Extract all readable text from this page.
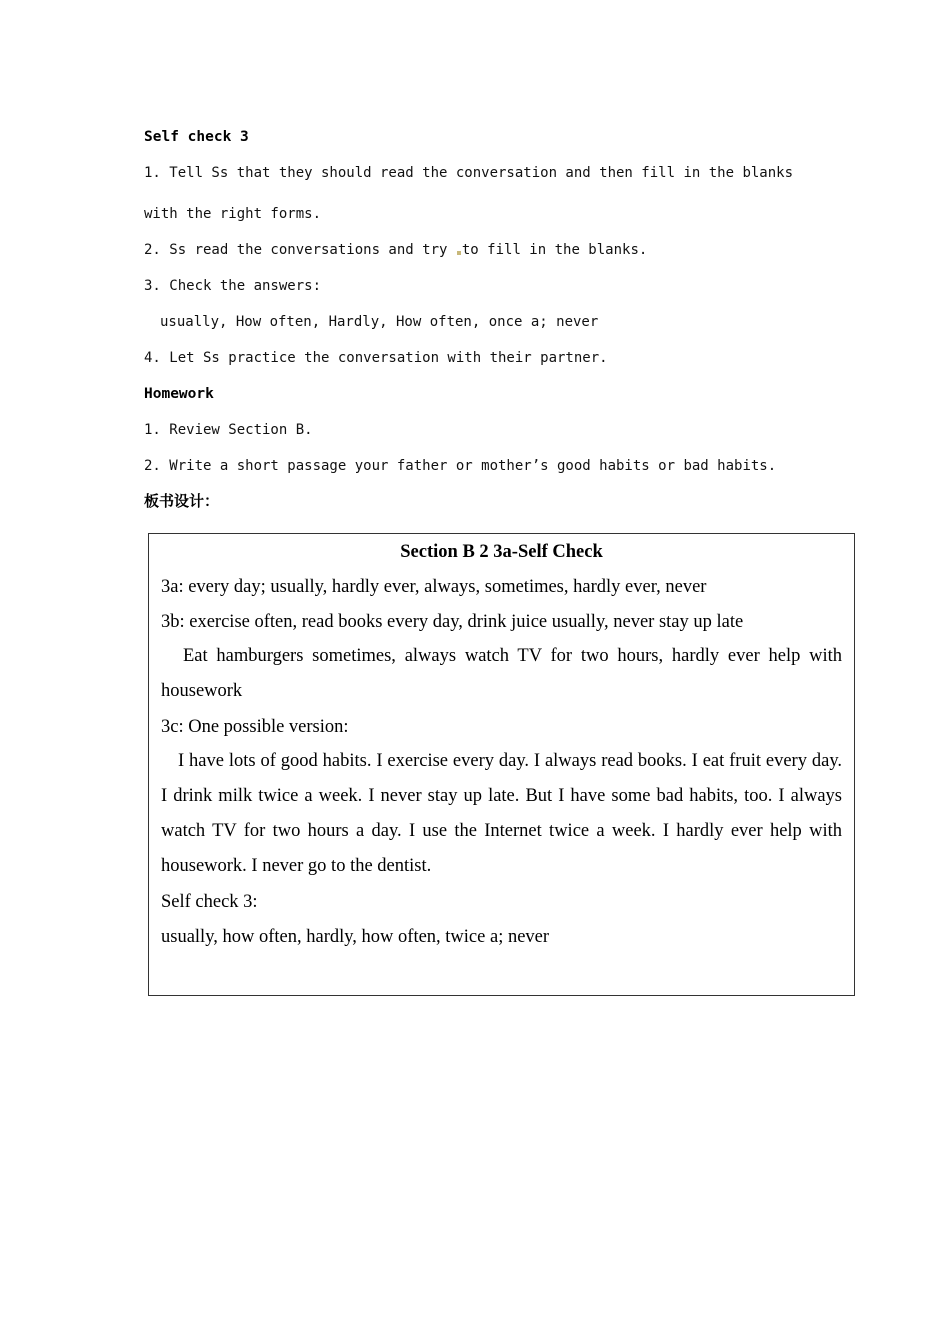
Self check 3

1. Tell Ss that they should read the conversation and then fill in the blanks

with the right forms.

2. Ss read the conversations and try to fill in the blanks.

3. Check the answers:

usually, How often, Hardly, How often, once a; never

4. Let Ss practice the conversation with their partner.

Homework

1. Review Section B.

2. Write a short passage your father or mother’s good habits or bad habits.

板书设计：

Section B 2 3a-Self Check

3a: every day; usually, hardly ever, always, sometimes, hardly ever, never

3b: exercise often, read books every day, drink juice usually, never stay up late

Eat hamburgers sometimes, always watch TV for two hours, hardly ever help with housework

3c: One possible version:

I have lots of good habits. I exercise every day. I always read books. I eat fruit every day. I drink milk twice a week. I never stay up late. But I have some bad habits, too. I always watch TV for two hours a day. I use the Internet twice a week. I hardly ever help with housework. I never go to the dentist.

Self check 3:

usually, how often, hardly, how often, twice a; never
